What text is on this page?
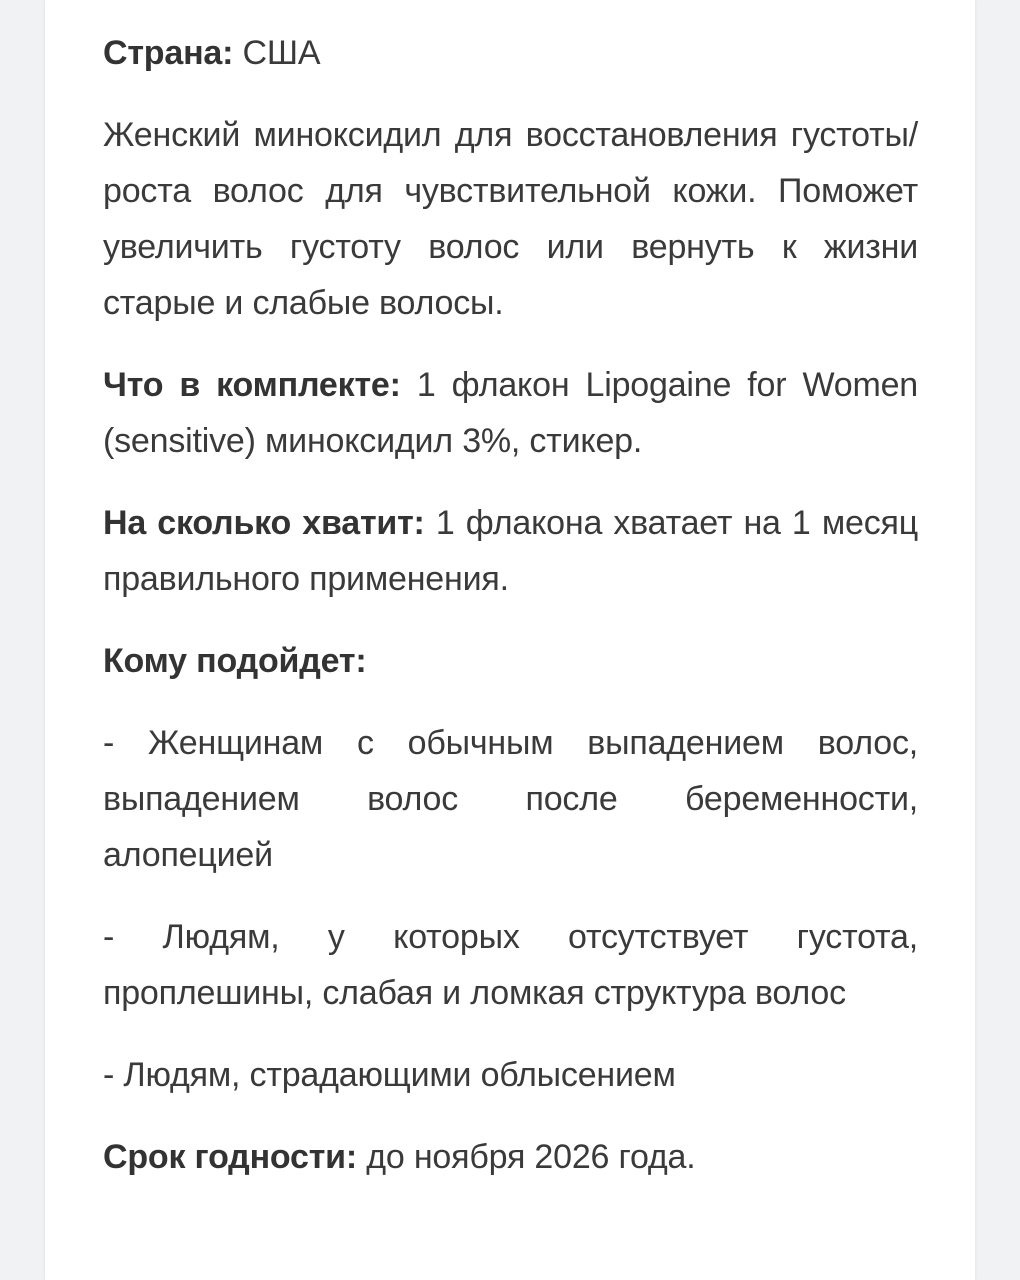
Страна: США

Женский миноксидил для восстановления густоты/роста волос для чувствительной кожи. Поможет увеличить густоту волос или вернуть к жизни старые и слабые волосы.

Что в комплекте: 1 флакон Lipogaine for Women (sensitive) миноксидил 3%, стикер.

На сколько хватит: 1 флакона хватает на 1 месяц правильного применения.

Кому подойдет:

- Женщинам с обычным выпадением волос, выпадением волос после беременности, алопецией

- Людям, у которых отсутствует густота, проплешины, слабая и ломкая структура волос

- Людям, страдающими облысением

Срок годности: до ноября 2026 года.
